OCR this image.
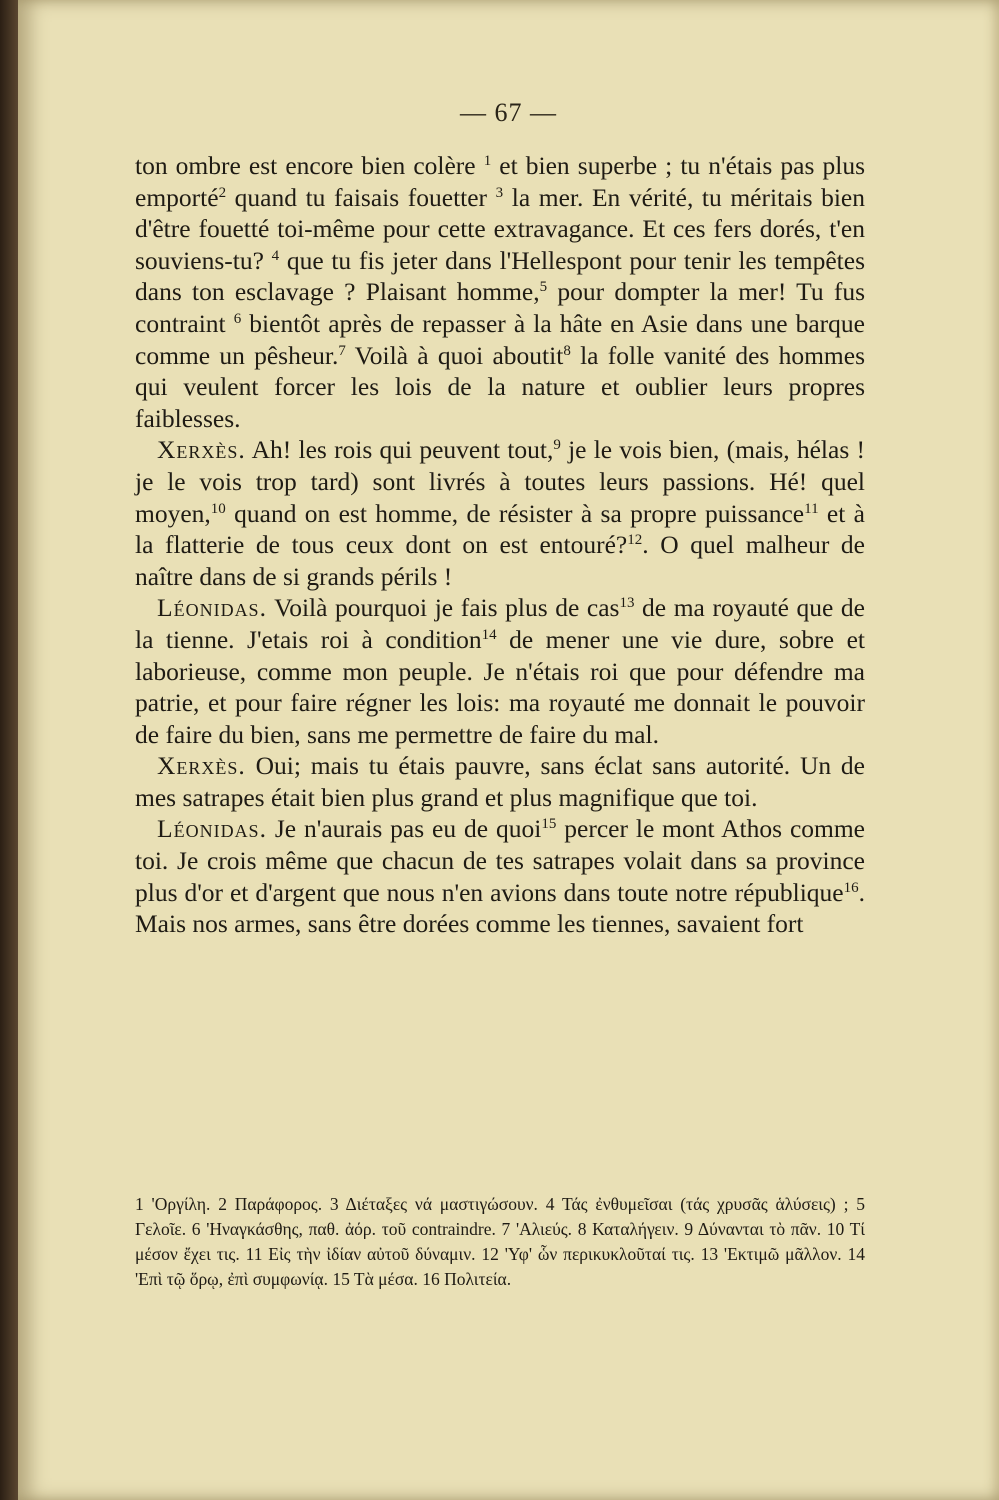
— 67 —

ton ombre est encore bien colère $^1$ et bien superbe ; tu n'étais pas plus emporté$^2$ quand tu faisais fouetter $^3$ la mer. En vérité, tu méritais bien d'être fouetté toi-même pour cette extravagance. Et ces fers dorés, t'en souviens-tu? $^4$ que tu fis jeter dans l'Hellespont pour tenir les tempêtes dans ton esclavage ? Plaisant homme,$^5$ pour dompter la mer! Tu fus contraint $^6$ bientôt après de repasser à la hâte en Asie dans une barque comme un pêsheur.$^7$ Voilà à quoi aboutit$^8$ la folle vanité des hommes qui veulent forcer les lois de la nature et oublier leurs propres faiblesses.

Xerxès. Ah! les rois qui peuvent tout,$^9$ je le vois bien, (mais, hélas ! je le vois trop tard) sont livrés à toutes leurs passions. Hé! quel moyen,$^{10}$ quand on est homme, de résister à sa propre puissance$^{11}$ et à la flatterie de tous ceux dont on est entouré?$^{12}$. O quel malheur de naître dans de si grands périls !

Léonidas. Voilà pourquoi je fais plus de cas$^{13}$ de ma royauté que de la tienne. J'etais roi à condition$^{14}$ de mener une vie dure, sobre et laborieuse, comme mon peuple. Je n'étais roi que pour défendre ma patrie, et pour faire régner les lois: ma royauté me donnait le pouvoir de faire du bien, sans me permettre de faire du mal.

Xerxès. Oui; mais tu étais pauvre, sans éclat sans autorité. Un de mes satrapes était bien plus grand et plus magnifique que toi.

Léonidas. Je n'aurais pas eu de quoi$^{15}$ percer le mont Athos comme toi. Je crois même que chacun de tes satrapes volait dans sa province plus d'or et d'argent que nous n'en avions dans toute notre république$^{16}$. Mais nos armes, sans être dorées comme les tiennes, savaient fort

1 'Οργίλη. 2 Παράφορος. 3 Διέταξες νά μαστιγώσουν. 4 Τάς ἐνθυμεῖσαι (τάς χρυσᾶς ἁλύσεις) ; 5 Γελοῖε. 6 'Ηναγκάσθης, παθ. ἀόρ. τοῦ contraindre. 7 'Αλιεύς. 8 Καταλήγειν. 9 Δύνανται τὸ πᾶν. 10 Τί μέσον ἔχει τις. 11 Εἰς τὴν ἰδίαν αὐτοῦ δύναμιν. 12 'Υφ' ὧν περικυκλοῦταί τις. 13 'Εκτιμῶ μᾶλλον. 14 'Επὶ τῷ ὅρῳ, ἐπὶ συμφωνίᾳ. 15 Τὰ μέσα. 16 Πολιτεία.
